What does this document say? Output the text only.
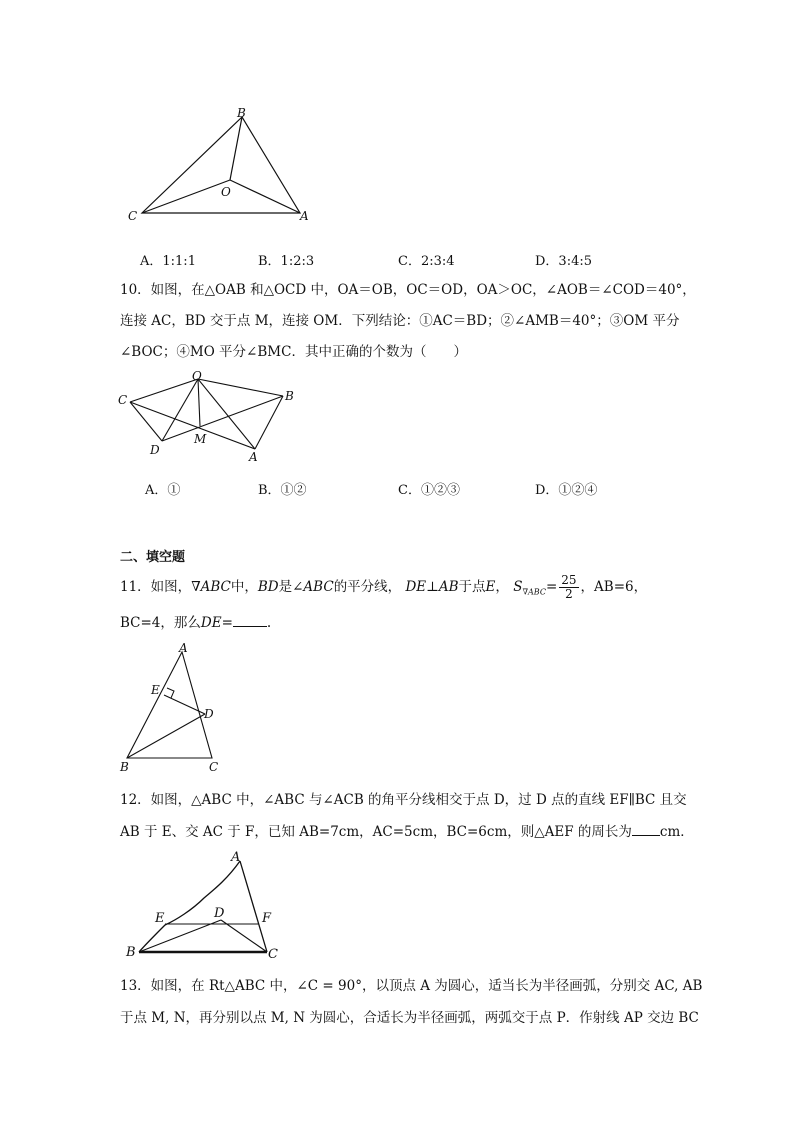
B
O
C	A
A．1:1:1	B．1:2:3	C．2:3:4	D．3:4:5
10．如图，在△OAB 和△OCD 中，OA＝OB，OC＝OD，OA＞OC，∠AOB＝∠COD＝40°，
连接 AC，BD 交于点 M，连接 OM．下列结论：①AC＝BD；②∠AMB＝40°；③OM 平分
∠BOC；④MO 平分∠BMC．其中正确的个数为（　　）
O
C	B
D
M
A
A．①	B．①②	C．①②③	D．①②④
二、填空题
11．如图，∇ABC中，BD是∠ABC的平分线， DE⊥AB于点E， $S_{\nabla ABC}= \frac{25}{2}$ ，AB=6，
BC=4，那么DE=	.
A
E
D
B	C
12．如图，△ABC 中，∠ABC 与∠ACB 的角平分线相交于点 D，过 D 点的直线 EF∥BC 且交
AB 于 E、交 AC 于 F，已知 AB=7cm，AC=5cm，BC=6cm，则△AEF 的周长为 cm．
A
E	D	F
B	C
13．如图，在 Rt△ABC 中，∠C = 90°，以顶点 A 为圆心，适当长为半径画弧，分别交 AC, AB
于点 M, N，再分别以点 M, N 为圆心，合适长为半径画弧，两弧交于点 P．作射线 AP 交边 BC
